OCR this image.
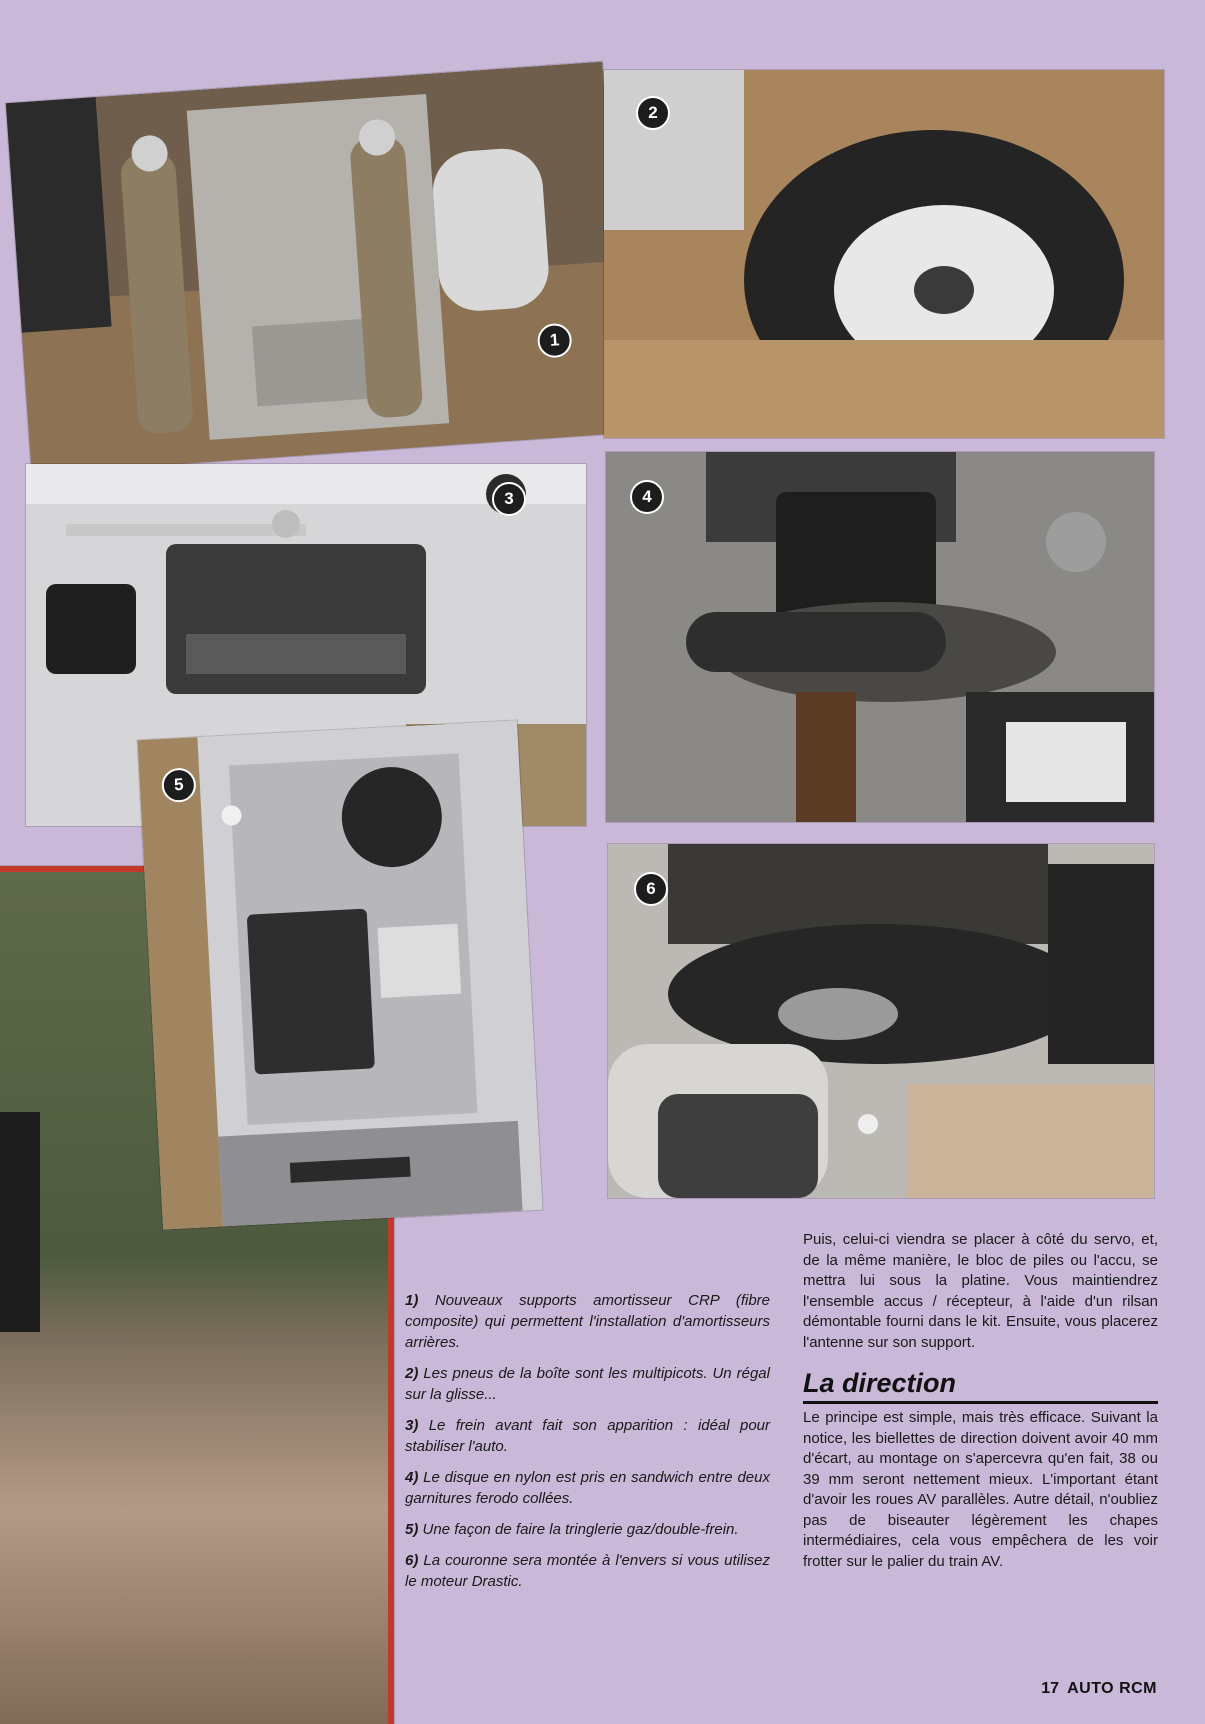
1
2
3	4
5
6

1) Nouveaux supports amortisseur CRP (fibre composite) qui permettent l'installation d'amortisseurs arrières.

2) Les pneus de la boîte sont les multipicots. Un régal sur la glisse...

3) Le frein avant fait son apparition : idéal pour stabiliser l'auto.

4) Le disque en nylon est pris en sandwich entre deux garnitures ferodo collées.

5) Une façon de faire la tringlerie gaz/double-frein.

6) La couronne sera montée à l'envers si vous utilisez le moteur Drastic.

Puis, celui-ci viendra se placer à côté du servo, et, de la même manière, le bloc de piles ou l'accu, se mettra lui sous la platine. Vous maintiendrez l'ensemble accus / récepteur, à l'aide d'un rilsan démontable fourni dans le kit. Ensuite, vous placerez l'antenne sur son support.

La direction

Le principe est simple, mais très efficace. Suivant la notice, les biellettes de direction doivent avoir 40 mm d'écart, au montage on s'apercevra qu'en fait, 38 ou 39 mm seront nettement mieux. L'important étant d'avoir les roues AV parallèles. Autre détail, n'oubliez pas de biseauter légèrement les chapes intermédiaires, cela vous empêchera de les voir frotter sur le palier du train AV.

17 AUTO RCM
